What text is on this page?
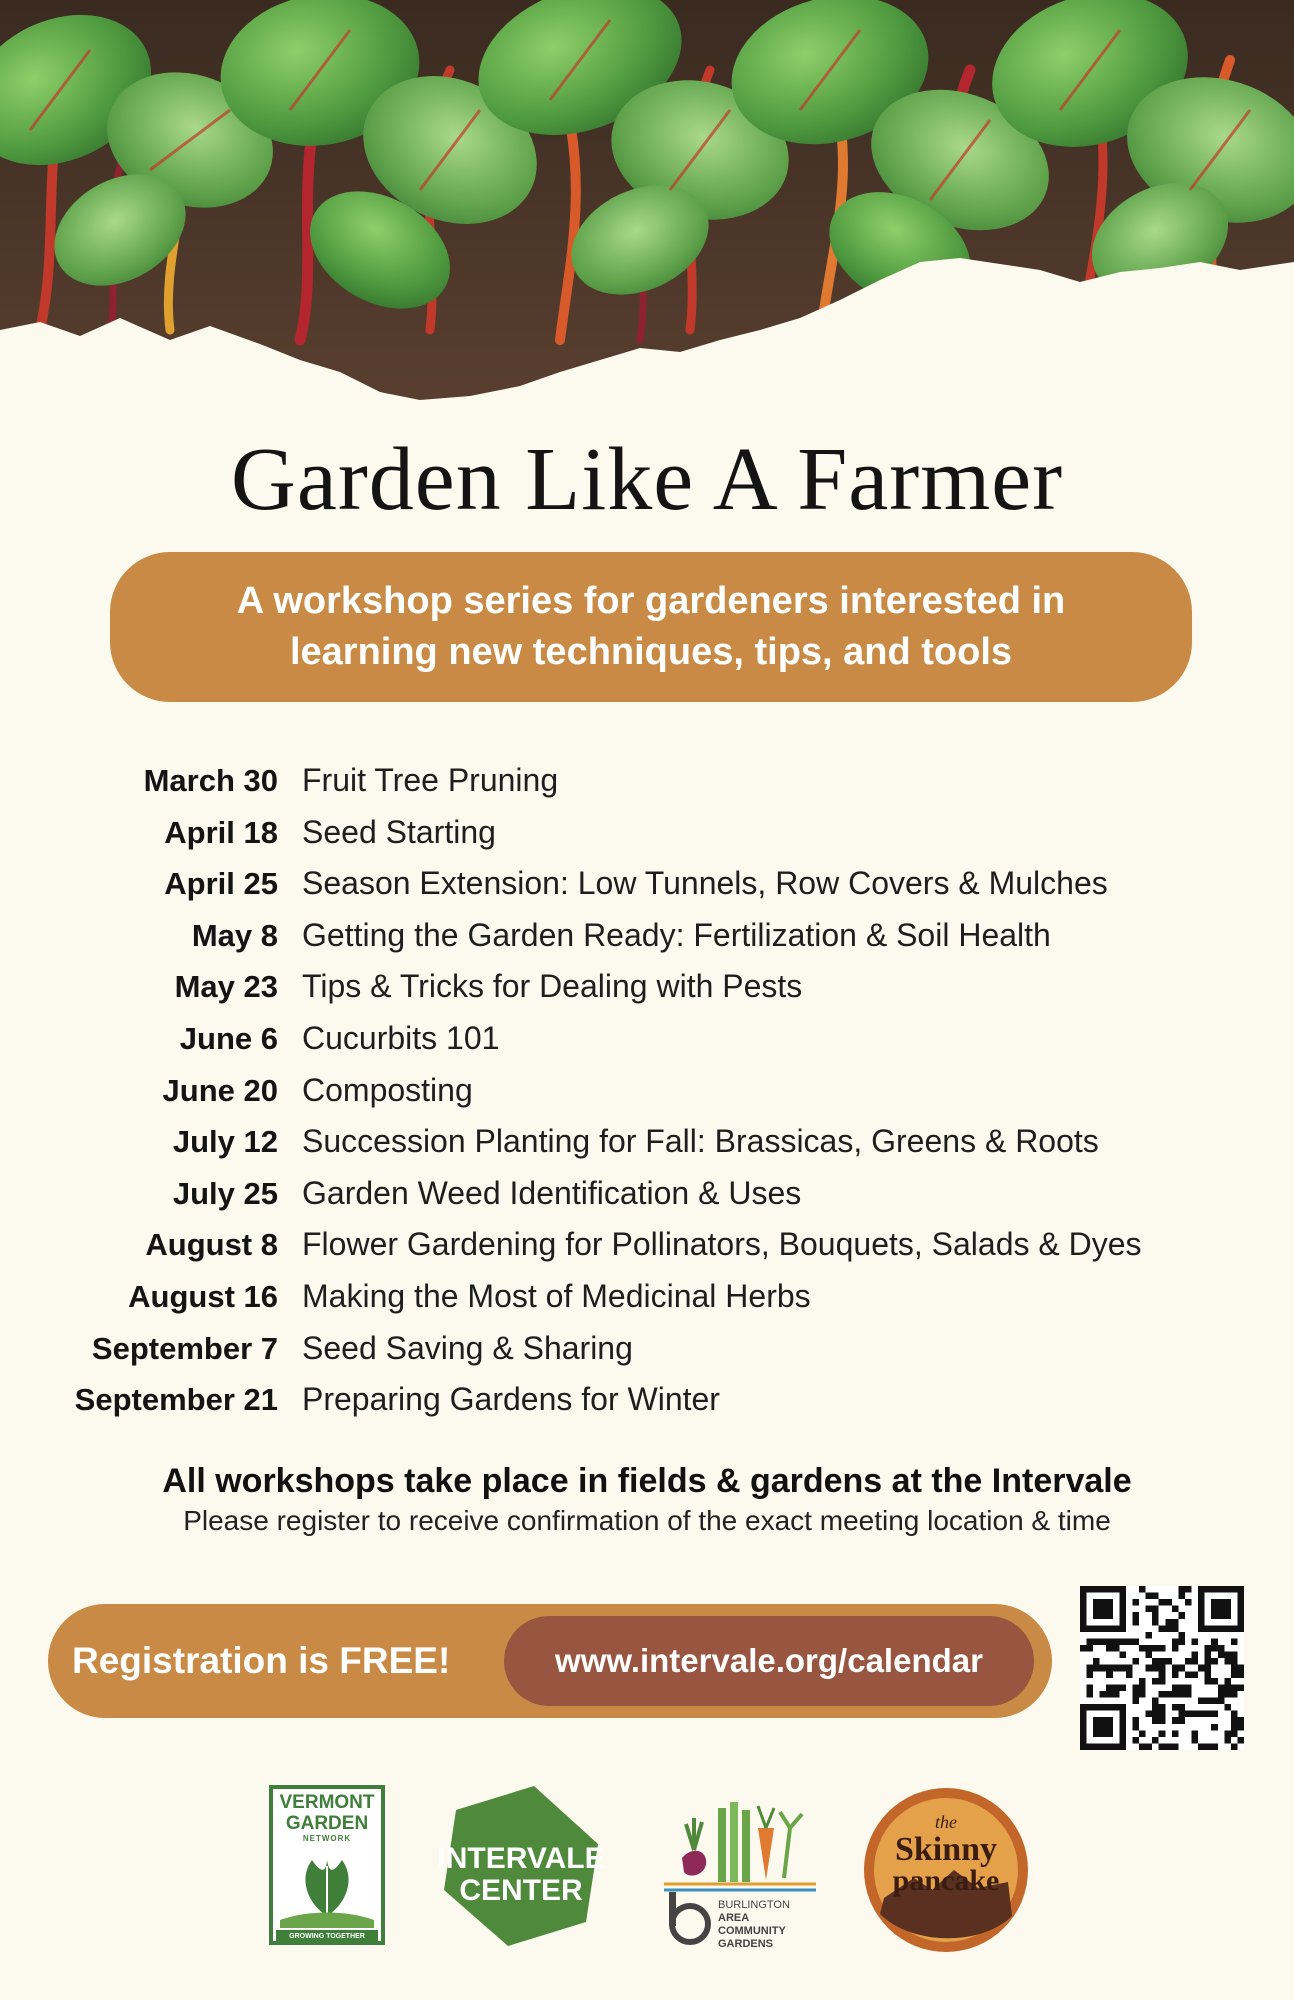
Garden Like A Farmer

A workshop series for gardeners interested in learning new techniques, tips, and tools

March 30 Fruit Tree Pruning
April 18 Seed Starting
April 25 Season Extension: Low Tunnels, Row Covers & Mulches
May 8 Getting the Garden Ready: Fertilization & Soil Health
May 23 Tips & Tricks for Dealing with Pests
June 6 Cucurbits 101
June 20 Composting
July 12 Succession Planting for Fall: Brassicas, Greens & Roots
July 25 Garden Weed Identification & Uses
August 8 Flower Gardening for Pollinators, Bouquets, Salads & Dyes
August 16 Making the Most of Medicinal Herbs
September 7 Seed Saving & Sharing
September 21 Preparing Gardens for Winter
All workshops take place in fields & gardens at the Intervale
Please register to receive confirmation of the exact meeting location & time
Registration is FREE!	www.intervale.org/calendar
VERMONT
GARDEN
NETWORK
GROWING TOGETHER
INTERVALE
CENTER	BURLINGTON
AREA
COMMUNITY
GARDENS
the
Skinny
pancake
